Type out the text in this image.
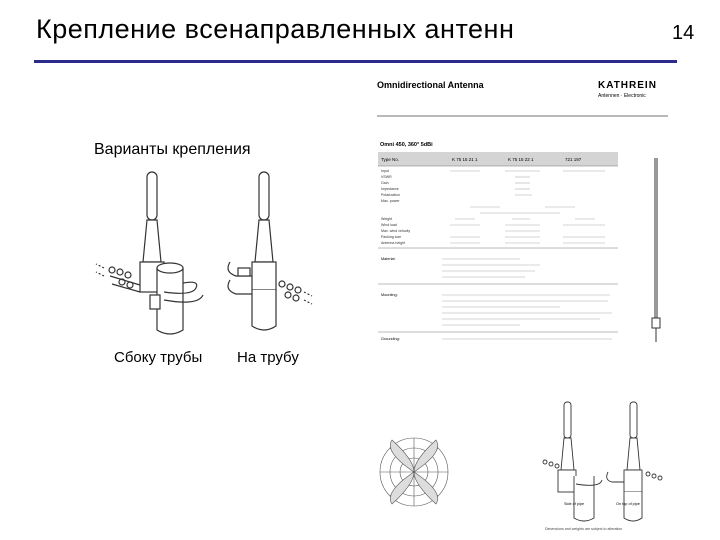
Крепление всенаправленных антенн	14
Варианты крепления
Сбоку трубы На трубу
Omnidirectional Antenna	KATHREIN
Antennen · Electronic
Omni 450, 360° 5dBi
Type No.	K 75 15 21 1	K 75 15 22 1	721 197
Input
VSWR
Gain
Impedance
Polarization
Max. power
Weight
Wind load
Max. wind velocity
Packing size
Antenna height
Material:
Mounting:
Grounding:
Side of pipe	On top of pipe
Dimensions and weights are subject to alteration
